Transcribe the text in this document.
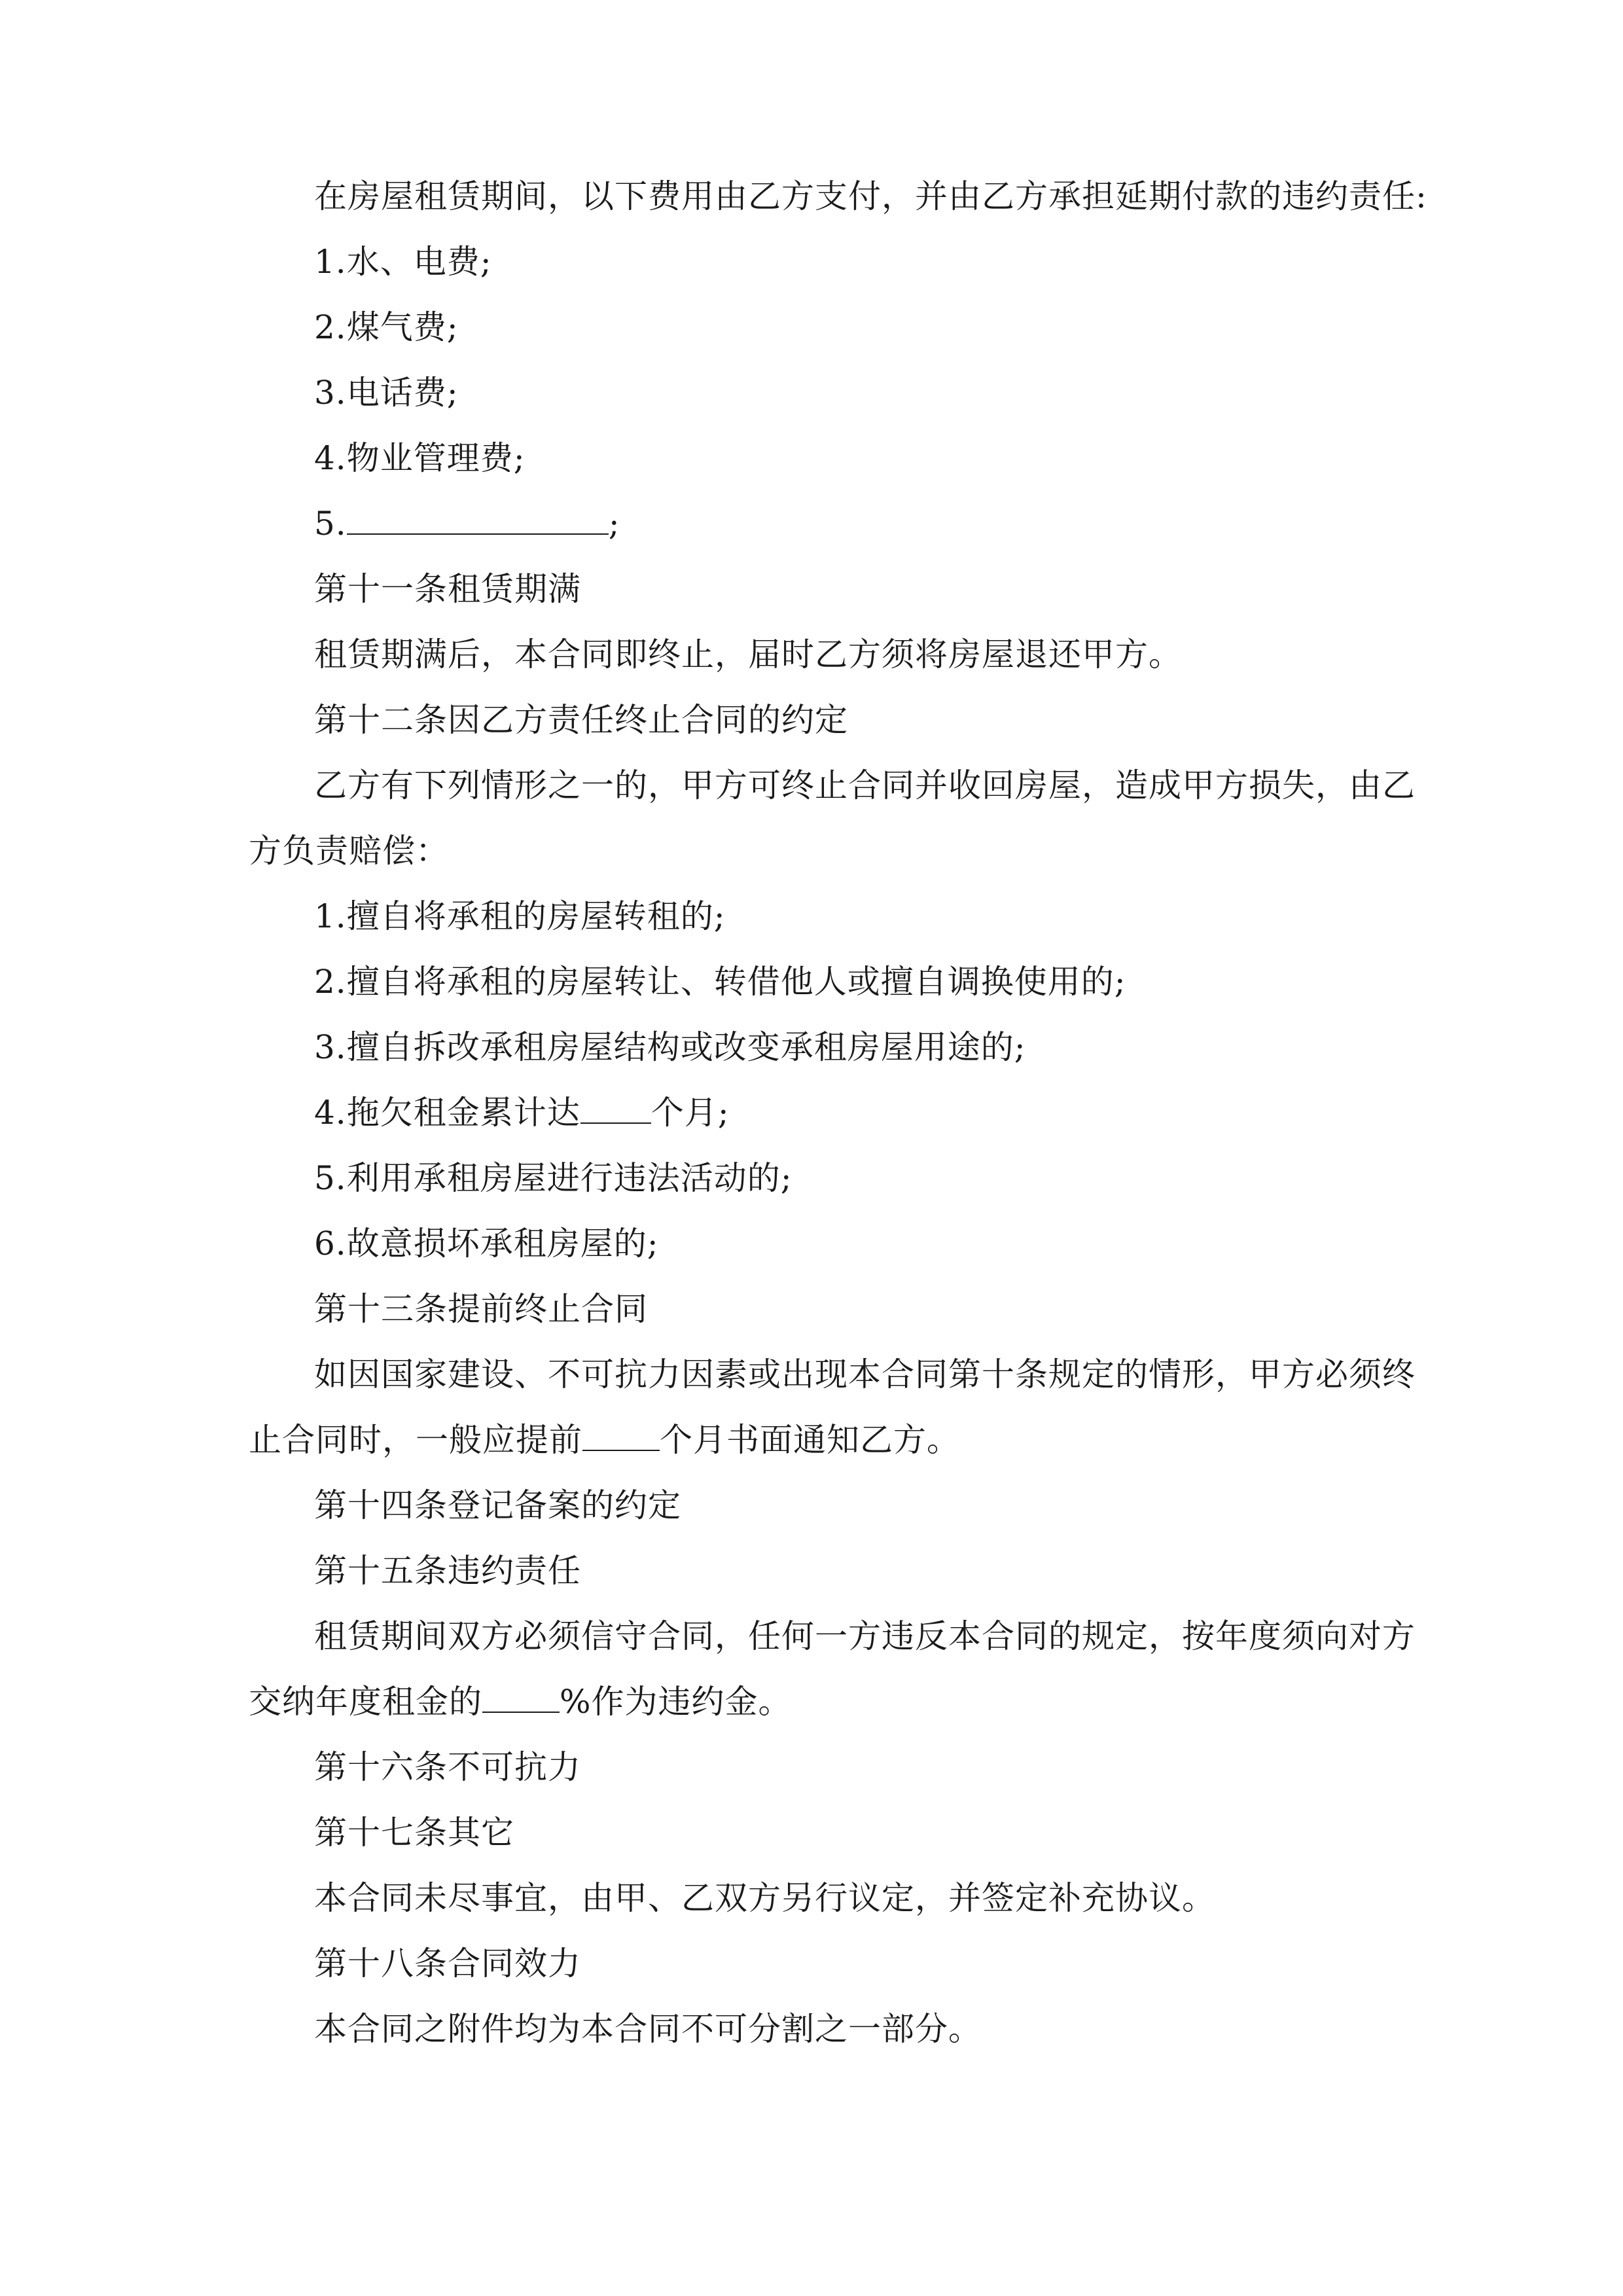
在房屋租赁期间，以下费用由乙方支付，并由乙方承担延期付款的违约责任:
1.水、电费;
2.煤气费;
3.电话费;
4.物业管理费;
5.	;
第十一条租赁期满
租赁期满后，本合同即终止，届时乙方须将房屋退还甲方。
第十二条因乙方责任终止合同的约定
乙方有下列情形之一的，甲方可终止合同并收回房屋，造成甲方损失，由乙
方负责赔偿：
1.擅自将承租的房屋转租的;
2.擅自将承租的房屋转让、转借他人或擅自调换使用的;
3.擅自拆改承租房屋结构或改变承租房屋用途的;
4.拖欠租金累计达 个月;
5.利用承租房屋进行违法活动的;
6.故意损坏承租房屋的;
第十三条提前终止合同
如因国家建设、不可抗力因素或出现本合同第十条规定的情形，甲方必须终
止合同时，一般应提前 个月书面通知乙方。
第十四条登记备案的约定
第十五条违约责任
租赁期间双方必须信守合同，任何一方违反本合同的规定，按年度须向对方
交纳年度租金的 %作为违约金。
第十六条不可抗力
第十七条其它
本合同未尽事宜，由甲、乙双方另行议定，并签定补充协议。
第十八条合同效力
本合同之附件均为本合同不可分割之一部分。
